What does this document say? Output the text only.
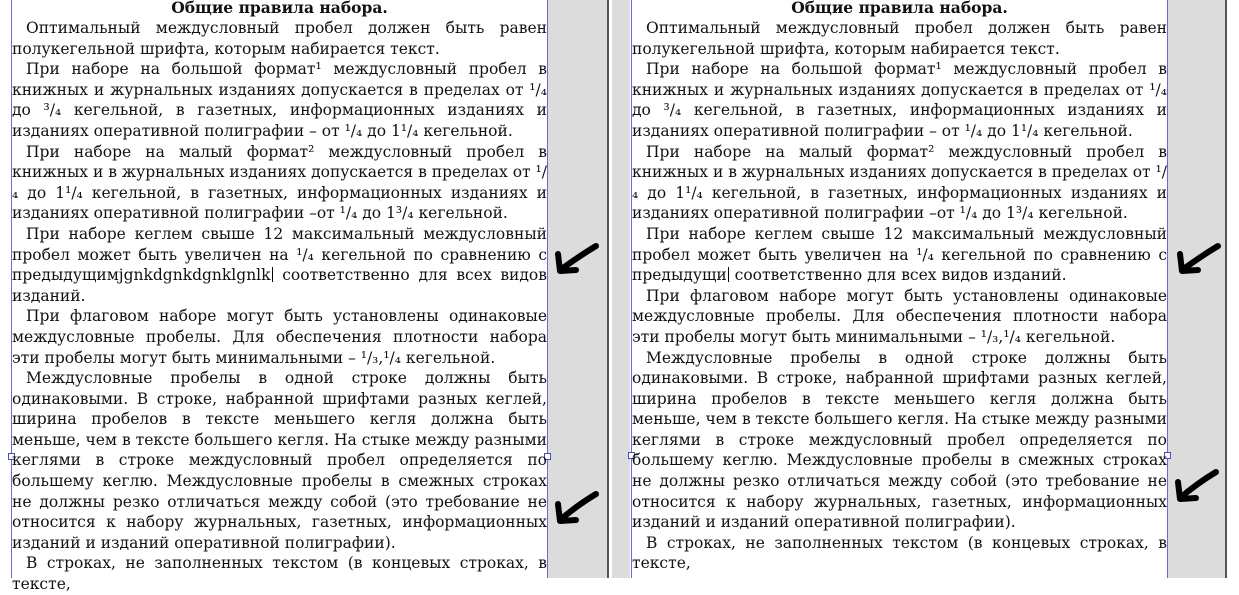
Общие правила набора.

Оптимальный междусловный пробел должен быть равен полукегельной шрифта, которым набирается текст.

При наборе на большой формат¹ междусловный пробел в книжных и журнальных изданиях допускается в пределах от ¹/₄ до ³/₄ кегельной, в газетных, информационных изданиях и изданиях оперативной полиграфии – от ¹/₄ до 1¹/₄ кегельной.

При наборе на малый формат² междусловный пробел в книжных и в журнальных изданиях допускается в пределах от ¹/₄ до 1¹/₄ кегельной, в газетных, информационных изданиях и изданиях оперативной полиграфии –от ¹/₄ до 1³/₄ кегельной.

При наборе кеглем свыше 12 максимальный междусловный пробел может быть увеличен на ¹/₄ кегельной по сравнению с предыдущимjgnkdgnkdgnklgnlk соответственно для всех видов изданий.

При флаговом наборе могут быть установлены одинаковые междусловные пробелы. Для обеспечения плотности набора эти пробелы могут быть минимальными – ¹/₃,¹/₄ кегельной.

Междусловные пробелы в одной строке должны быть одинаковыми. В строке, набранной шрифтами разных кеглей, ширина пробелов в тексте меньшего кегля должна быть меньше, чем в тексте большего кегля. На стыке между разными кеглями в строке междусловный пробел определяется по большему кеглю. Междусловные пробелы в смежных строках не должны резко отличаться между собой (это требование не относится к набору журнальных, газетных, информационных изданий и изданий оперативной полиграфии).

В строках, не заполненных текстом (в концевых строках, в тексте,

Общие правила набора.

Оптимальный междусловный пробел должен быть равен полукегельной шрифта, которым набирается текст.

При наборе на большой формат¹ междусловный пробел в книжных и журнальных изданиях допускается в пределах от ¹/₄ до ³/₄ кегельной, в газетных, информационных изданиях и изданиях оперативной полиграфии – от ¹/₄ до 1¹/₄ кегельной.

При наборе на малый формат² междусловный пробел в книжных и в журнальных изданиях допускается в пределах от ¹/₄ до 1¹/₄ кегельной, в газетных, информационных изданиях и изданиях оперативной полиграфии –от ¹/₄ до 1³/₄ кегельной.

При наборе кеглем свыше 12 максимальный междусловный пробел может быть увеличен на ¹/₄ кегельной по сравнению с предыдущи соответственно для всех видов изданий.

При флаговом наборе могут быть установлены одинаковые междусловные пробелы. Для обеспечения плотности набора эти пробелы могут быть минимальными – ¹/₃,¹/₄ кегельной.

Междусловные пробелы в одной строке должны быть одинаковыми. В строке, набранной шрифтами разных кеглей, ширина пробелов в тексте меньшего кегля должна быть меньше, чем в тексте большего кегля. На стыке между разными кеглями в строке междусловный пробел определяется по большему кеглю. Междусловные пробелы в смежных строках не должны резко отличаться между собой (это требование не относится к набору журнальных, газетных, информационных изданий и изданий оперативной полиграфии).

В строках, не заполненных текстом (в концевых строках, в тексте,
